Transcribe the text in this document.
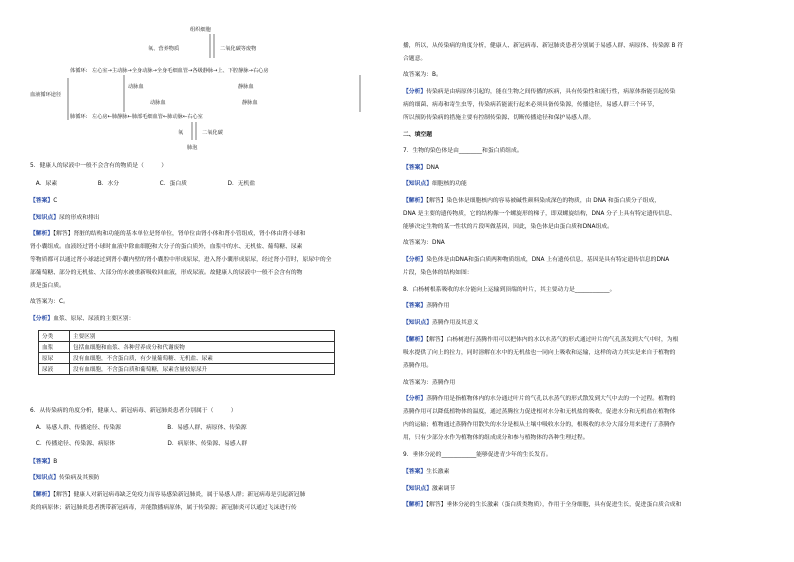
组织细胞
氧、营养物质	二氧化碳等废物
血液循环途径
体循环: 左心室→主动脉→全身动脉→全身毛细血管→各级静脉→上、下腔静脉→右心房
动脉血	静脉血
动脉血	静脉血
肺循环: 左心房←肺静脉←肺部毛细血管←肺动脉←右心室
氧	二氧化碳
肺泡
5．健康人的尿液中一般不会含有的物质是（　　　）
　A．尿素　　　　　　　B．水分　　　　　　　C．蛋白质　　　　　　　D．无机盐
【答案】C
【知识点】尿的形成和排出
【解析】【解答】肾脏的结构和功能的基本单位是肾单位，肾单位由肾小体和肾小管组成，肾小体由肾小球和
肾小囊组成。血液经过肾小球时血液中除血细胞和大分子的蛋白质外，血浆中的水、无机盐、葡萄糖、尿素
等物质都可以通过肾小球滤过到肾小囊内壁的肾小囊腔中形成原尿，进入肾小囊形成原尿，经过肾小管时，原尿中的全
部葡萄糖、部分的无机盐、大部分的水被重新吸收回血液，形成尿液。故健康人的尿液中一般不会含有的物
质是蛋白质。
故答案为：C。
【分析】血浆、原尿、尿液的主要区别：
分类	主要区别
血浆	包括血细胞和血浆、各种营养成分和代谢废物
原尿	没有血细胞，不含蛋白质，有少量葡萄糖、无机盐、尿素
尿液	没有血细胞，不含蛋白质和葡萄糖，尿素含量较原尿升
6．从传染病的角度分析，健康人、新冠病毒、新冠肺炎患者分别属于（　　　）
　A．易感人群、传播途径、传染源　　　　　　　　B．易感人群、病原体、传染源
　C．传播途径、传染源、病原体　　　　　　　　　D．病原体、传染源、易感人群
【答案】B
【知识点】传染病及其预防
【解析】【解答】健康人对新冠病毒缺乏免疫力而容易感染新冠肺炎，属于易感人群；新冠病毒是引起新冠肺
炎的病原体；新冠肺炎患者携带新冠病毒，并能散播病原体，属于传染源；新冠肺炎可以通过飞沫进行传
播，所以，从传染病的角度分析，健康人、新冠病毒、新冠肺炎患者分别属于易感人群、病原体、传染源 B 符
合题意。
故答案为：B。
【分析】传染病是由病原体引起的，能在生物之间传播的疾病，具有传染性和流行性，病原体指能引起传染
病的细菌、病毒和寄生虫等，传染病若能流行起来必须具备传染源，传播途径，易感人群三个环节，
所以预防传染病的措施主要有控制传染源、切断传播途径和保护易感人群。
二、填空题
7．生物的染色体是由________和蛋白质组成。
【答案】DNA
【知识点】细胞核的功能
【解析】【解答】染色体是细胞核内的容易被碱性颜料染成深色的物质，由 DNA 和蛋白质分子组成，
DNA 是主要的遗传物质，它的结构像一个螺旋形的梯子，即双螺旋结构，DNA 分子上具有特定遗传信息、
能够决定生物的某一性状的片段叫做基因，因此，染色体是由蛋白质和DNA组成。
故答案为：DNA
【分析】染色体是由DNA和蛋白质两种物质组成，DNA 上有遗传信息，基因是具有特定遗传信息的DNA
片段，染色体的结构如图：
8．白杨树根系吸收的水分能向上运输到顶端的叶片，其主要动力是____________。
【答案】蒸腾作用
【知识点】蒸腾作用及其意义
【解析】【解答】白杨树进行蒸腾作用可以把体内的水以水蒸气的形式通过叶片的气孔蒸发到大气中时，为根
吸水提供了向上的拉力，同时溶解在水中的无机盐也一同向上吸收和运输，这样的动力其实是来自于植物的
蒸腾作用。
故答案为：蒸腾作用
【分析】蒸腾作用是指植物体内的水分通过叶片的气孔以水蒸气的形式散发到大气中去的一个过程。植物的
蒸腾作用可以降低植物体的温度，通过蒸腾拉力促进根对水分和无机盐的吸收，促进水分和无机盐在植物体
内的运输；植物通过蒸腾作用散失的水分是根从土壤中吸收水分的，根吸收的水分大部分用来进行了蒸腾作
用，只有少部分水作为植物体的组成成分和参与植物体的各种生理过程。
9．垂体分泌的____________能够促进青少年的生长发育。
【答案】生长激素
【知识点】激素调节
【解析】【解答】垂体分泌的生长激素（蛋白质类物质），作用于全身细胞，具有促进生长，促进蛋白质合成和
